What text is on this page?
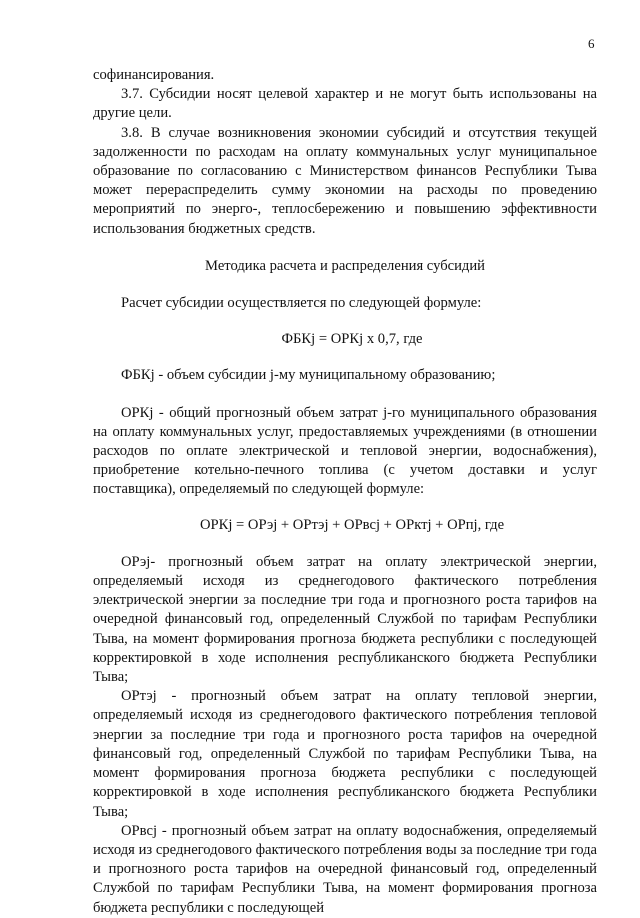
6

софинансирования.

3.7. Субсидии носят целевой характер и не могут быть использованы на другие цели.

3.8. В случае возникновения экономии субсидий и отсутствия текущей задолженности по расходам на оплату коммунальных услуг муниципальное образование по согласованию с Министерством финансов Республики Тыва может перераспределить сумму экономии на расходы по проведению мероприятий по энерго-, теплосбережению и повышению эффективности использования бюджетных средств.

Методика расчета и распределения субсидий

Расчет субсидии осуществляется по следующей формуле:

ФБКj = ОРКj х 0,7, где

ФБКj - объем субсидии j-му муниципальному образованию;

ОРКj - общий прогнозный объем затрат j-го муниципального образования на оплату коммунальных услуг, предоставляемых учреждениями (в отношении расходов по оплате электрической и тепловой энергии, водоснабжения), приобретение котельно-печного топлива (с учетом доставки и услуг поставщика), определяемый по следующей формуле:

ОРКj = ОРэj + ОРтэj + ОРвсj + ОРктj + ОРпj, где

ОРэj- прогнозный объем затрат на оплату электрической энергии, определяемый исходя из среднегодового фактического потребления электрической энергии за последние три года и прогнозного роста тарифов на очередной финансовый год, определенный Службой по тарифам Республики Тыва, на момент формирования прогноза бюджета республики с последующей корректировкой в ходе исполнения республиканского бюджета Республики Тыва;

ОРтэj - прогнозный объем затрат на оплату тепловой энергии, определяемый исходя из среднегодового фактического потребления тепловой энергии за последние три года и прогнозного роста тарифов на очередной финансовый год, определенный Службой по тарифам Республики Тыва, на момент формирования прогноза бюджета республики с последующей корректировкой в ходе исполнения республиканского бюджета Республики Тыва;

ОРвсj - прогнозный объем затрат на оплату водоснабжения, определяемый исходя из среднегодового фактического потребления воды за последние три года и прогнозного роста тарифов на очередной финансовый год, определенный Службой по тарифам Республики Тыва, на момент формирования прогноза бюджета республики с последующей
